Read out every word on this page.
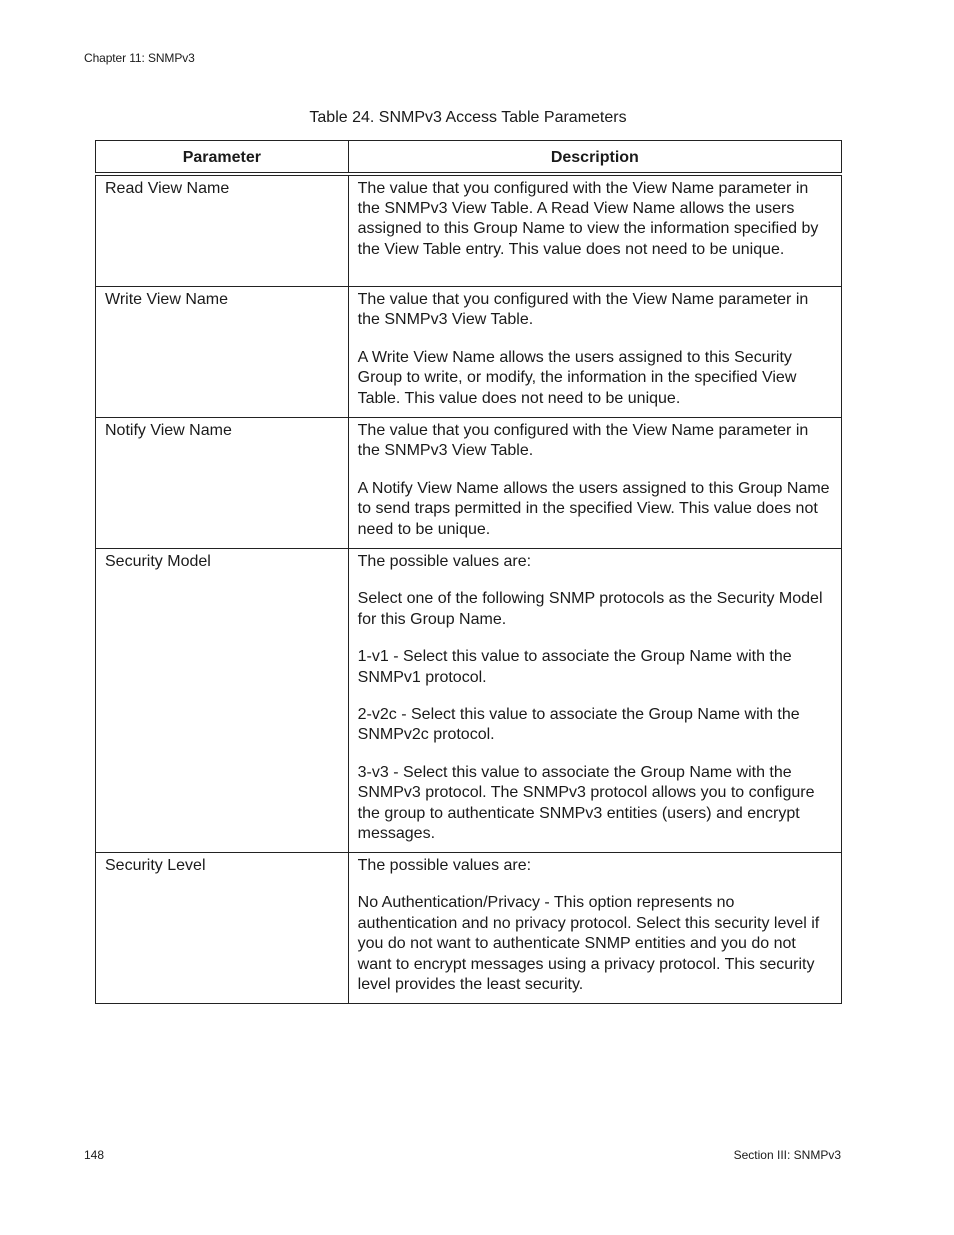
Chapter 11: SNMPv3
Table 24. SNMPv3 Access Table Parameters
Parameter	Description
Read View Name	The value that you configured with the View Name parameter in the SNMPv3 View Table. A Read View Name allows the users assigned to this Group Name to view the information specified by the View Table entry. This value does not need to be unique.

Write View Name	The value that you configured with the View Name parameter in the SNMPv3 View Table.

A Write View Name allows the users assigned to this Security Group to write, or modify, the information in the specified View Table. This value does not need to be unique.

Notify View Name	The value that you configured with the View Name parameter in the SNMPv3 View Table.

A Notify View Name allows the users assigned to this Group Name to send traps permitted in the specified View. This value does not need to be unique.

Security Model	The possible values are:

Select one of the following SNMP protocols as the Security Model for this Group Name.

1-v1 - Select this value to associate the Group Name with the SNMPv1 protocol.

2-v2c - Select this value to associate the Group Name with the SNMPv2c protocol.

3-v3 - Select this value to associate the Group Name with the SNMPv3 protocol. The SNMPv3 protocol allows you to configure the group to authenticate SNMPv3 entities (users) and encrypt messages.

Security Level	The possible values are:

No Authentication/Privacy - This option represents no authentication and no privacy protocol. Select this security level if you do not want to authenticate SNMP entities and you do not want to encrypt messages using a privacy protocol. This security level provides the least security.

148	Section III: SNMPv3
